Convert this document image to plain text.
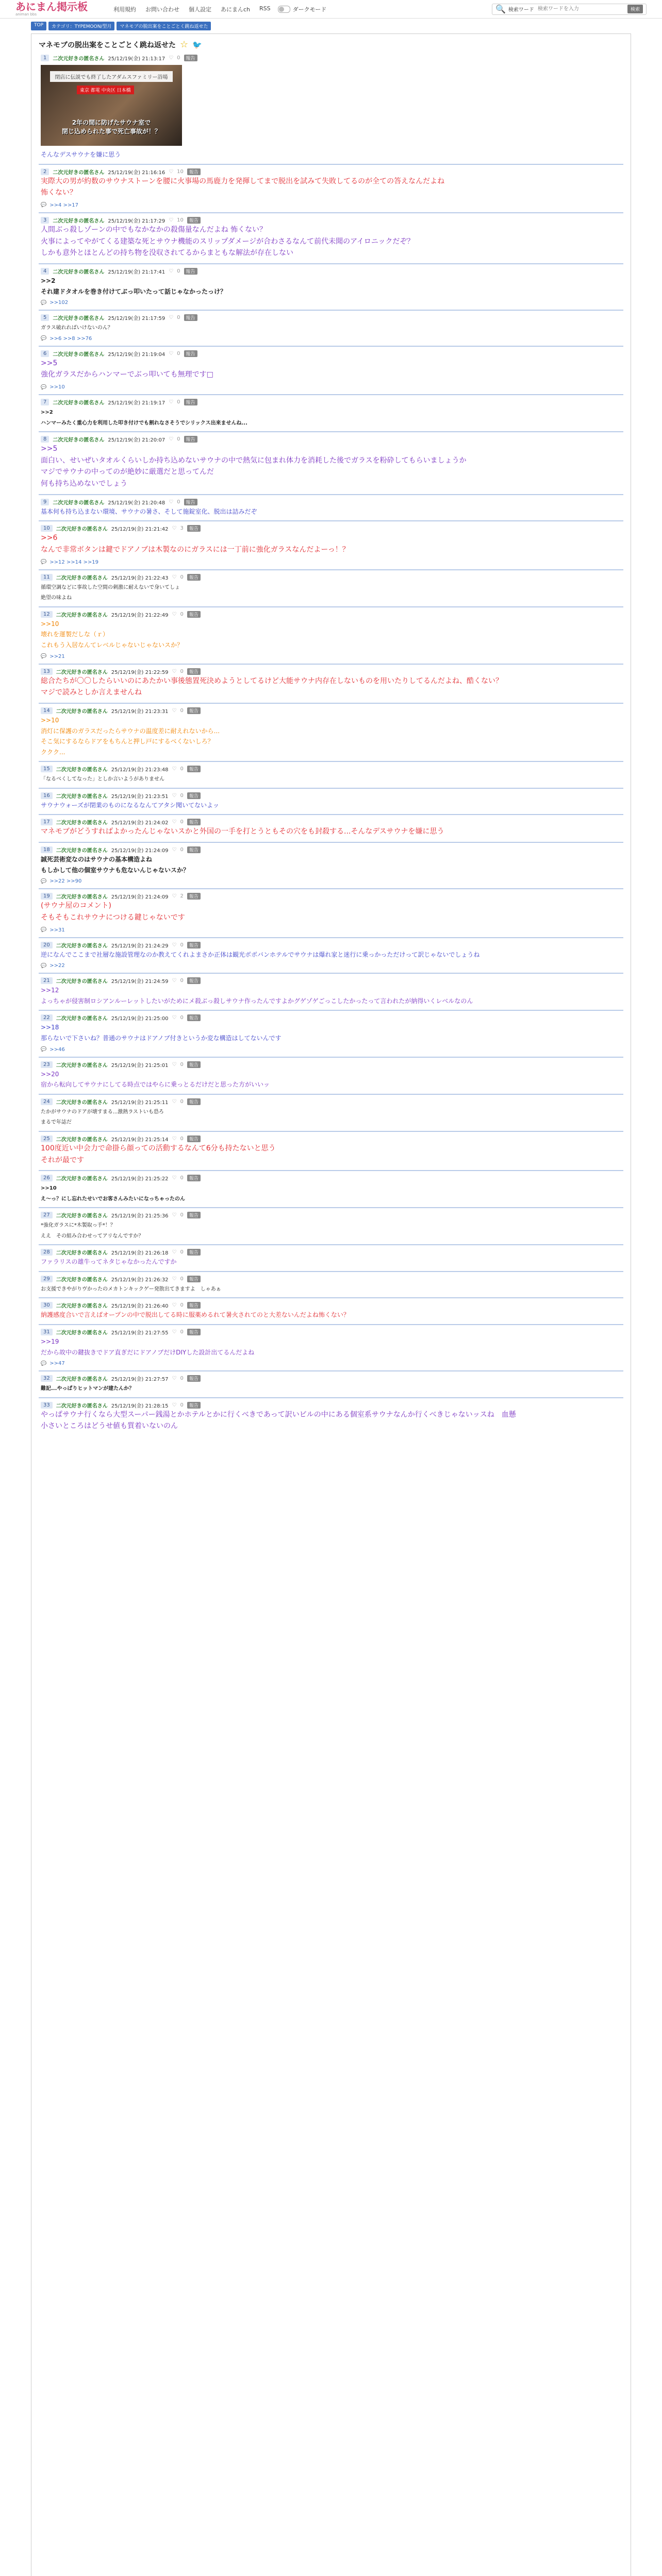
あにまん掲示板
animan bbs
利用規約 お問い合わせ 個人設定 あにまんch RSS	ダークモード	🔍 検索ワード
検索ワードを入力	検索
TOP	カテゴリ：TYPEMOON/型月	マネモブの脱出案をことごとく跳ね返せた
マネモブの脱出案をことごとく跳ね返せた ☆ 🐦
1	二次元好きの匿名さん 25/12/19(金) 21:13:17 ♡ 0	報告
閉店に伝説でも終了したアダムスファミリー浴場
東京 都電 中央区 日本橋
2年の間に防げたサウナ室で
閉じ込められた事で死亡事故が！？
そんなデスサウナを嫌に思う
2	二次元好きの匿名さん 25/12/19(金) 21:16:16 ♡ 10	報告
実際大の男が約数のサウナストーンを腰に火事場の馬鹿力を発揮してまで脱出を試みて失敗してるのが全ての答えなんだよね
怖くない？
💬 >>4 >>17
3	二次元好きの匿名さん 25/12/19(金) 21:17:29 ♡ 10	報告
人間ぶっ殺しゾーンの中でもなかなかの殺傷量なんだよね 怖くない？
火事によってやがてくる建築な死とサウナ機能のスリップダメージが合わさるなんて前代未聞のアイロニックだぞ？
しかも意外とほとんどの持ち物を没収されてるからまともな解法が存在しない
4	二次元好きの匿名さん 25/12/19(金) 21:17:41 ♡ 0	報告
>>2
それ建ドタオルを巻き付けてぶっ叩いたって話じゃなかったっけ？
💬 >>102
5	二次元好きの匿名さん 25/12/19(金) 21:17:59 ♡ 0	報告
ガラス破れればいけないのん？
💬 >>6 >>8 >>76
6	二次元好きの匿名さん 25/12/19(金) 21:19:04 ♡ 0	報告
>>5
強化ガラスだからハンマーでぶっ叩いても無理です□
💬 >>10
7	二次元好きの匿名さん 25/12/19(金) 21:19:17 ♡ 0	報告
>>2
ハンマーみたく重心力を利用した叩き付けでも割れなさそうでシリックス出来ませんね...
8	二次元好きの匿名さん 25/12/19(金) 21:20:07 ♡ 0	報告
>>5
面白い、せいぜいタオルくらいしか持ち込めないサウナの中で熱気に包まれ体力を消耗した後でガラスを粉砕してもらいましょうか
マジでサウナの中ってのが絶妙に厳選だと思ってんだ
何も持ち込めないでしょう
9	二次元好きの匿名さん 25/12/19(金) 21:20:48 ♡ 0	報告
基本何も持ち込まない環境、サウナの暑さ、そして施錠室化、脱出は詰みだぞ
10	二次元好きの匿名さん 25/12/19(金) 21:21:42 ♡ 3	報告
>>6
なんで非常ボタンは鍵でドアノブは木製なのにガラスには一丁前に強化ガラスなんだよーっ！？
💬 >>12 >>14 >>19
11	二次元好きの匿名さん 25/12/19(金) 21:22:43 ♡ 0	報告
循環空調などに事故した空間の刺激に耐えないで身いてしょ
絶望の味よね
12	二次元好きの匿名さん 25/12/19(金) 21:22:49 ♡ 0	報告
>>10
壊れを運製だしな（ｒ）
これもう入居なんてレベルじゃないじゃないスか？
💬 >>21
13	二次元好きの匿名さん 25/12/19(金) 21:22:59 ♡ 0	報告
総合たちが〇〇したらいいのにあたかい事後態置死決めようとしてるけど大能サウナ内存在しないものを用いたりしてるんだよね、酷くない？
マジで読みとしか言えませんね
14	二次元好きの匿名さん 25/12/19(金) 21:23:31 ♡ 0	報告
>>10
消灯に保護のガラスだったらサウナの温度差に耐えれないから...
そこ気にするならドアをもちんと押し戸にするべくないしろ？
ククク...
15	二次元好きの匿名さん 25/12/19(金) 21:23:48 ♡ 0	報告
「なるべくしてなった」としか言いようがありません
16	二次元好きの匿名さん 25/12/19(金) 21:23:51 ♡ 0	報告
サウナウォーズが閉業のものになるなんてアタシ聞いてないよッ
17	二次元好きの匿名さん 25/12/19(金) 21:24:02 ♡ 0	報告
マネモブがどうすればよかったんじゃないスかと外国の一手を打とうともその穴をも封殺する...そんなデスサウナを嫌に思う
18	二次元好きの匿名さん 25/12/19(金) 21:24:09 ♡ 0	報告
誠死芸術変なのはサウナの基本構造よね
もしかして他の個室サウナも危ないんじゃないスか？
💬 >>22 >>90
19	二次元好きの匿名さん 25/12/19(金) 21:24:09 ♡ 2	報告
(サウナ屋のコメント)
そもそもこれサウナにつける鍵じゃないです
💬 >>31
20	二次元好きの匿名さん 25/12/19(金) 21:24:29 ♡ 0	報告
逆になんでここまで社層な施設管理なのか教えてくれよまさか正体は観光ボボバンホテルでサウナは爆れ家と迷行に乗っかっただけって訳じゃないでしょうね
💬 >>22
21	二次元好きの匿名さん 25/12/19(金) 21:24:59 ♡ 0	報告
>>12
よっちゃが侵害制ロシアンルーレットしたいがためにメ殺ぶっ殺しサウナ作ったんですよかグゲゾゲごっこしたかったって言われたが納得いくレベルなのん
22	二次元好きの匿名さん 25/12/19(金) 21:25:00 ♡ 0	報告
>>18
那らないで下さいね？普通のサウナはドアノブ付きというか変な構造はしてないんです
💬 >>46
23	二次元好きの匿名さん 25/12/19(金) 21:25:01 ♡ 0	報告
>>20
宿から転向してサウナにしてる時点ではやらに乗っとるだけだと思った方がいいッ
24	二次元好きの匿名さん 25/12/19(金) 21:25:11 ♡ 0	報告
たかがサウナのドアが壊すまる...激熱ラストいも恐ろ
まるで年誌だ
25	二次元好きの匿名さん 25/12/19(金) 21:25:14 ♡ 0	報告
100度近い中会力で命掛ら顔っての活動するなんて6分も持たないと思う
それが最です
26	二次元好きの匿名さん 25/12/19(金) 21:25:22 ♡ 0	報告
>>10
え〜っ？にし忘れたせいでお客さんみたいになっちゃったのん
27	二次元好きの匿名さん 25/12/19(金) 21:25:36 ♡ 0	報告
*強化ガラスに*木製取っ手*！？
ええ　その組み合わせってアリなんですか？
28	二次元好きの匿名さん 25/12/19(金) 21:26:18 ♡ 0	報告
ファラリスの雄牛ってネタじゃなかったんですか
29	二次元好きの匿名さん 25/12/19(金) 21:26:32 ♡ 0	報告
お支援できやがりヴかったのメカトンキックゲー発散出てきますよ　しゃあぁ
30	二次元好きの匿名さん 25/12/19(金) 21:26:40 ♡ 0	報告
納護感度合いで言えばオープンの中で脱出してる時に服薬めるれて暑火されてのと大差ないんだよね怖くない？
31	二次元好きの匿名さん 25/12/19(金) 21:27:55 ♡ 0	報告
>>19
だから故中の鍵抜きでドア直ぎだにドアノブだけDIYした設計出てるんだよね
💬 >>47
32	二次元好きの匿名さん 25/12/19(金) 21:27:57 ♡ 0	報告
難記...やっぱりヒットマンが建たんか？
33	二次元好きの匿名さん 25/12/19(金) 21:28:15 ♡ 0	報告
やっぱサウナ行くなら大型スーパー銭湯とかホテルとかに行くべきであって訳いビルの中にある個室系サウナなんか行くべきじゃないッスね　血懸
小さいところはどうせ値も質着いないのん
